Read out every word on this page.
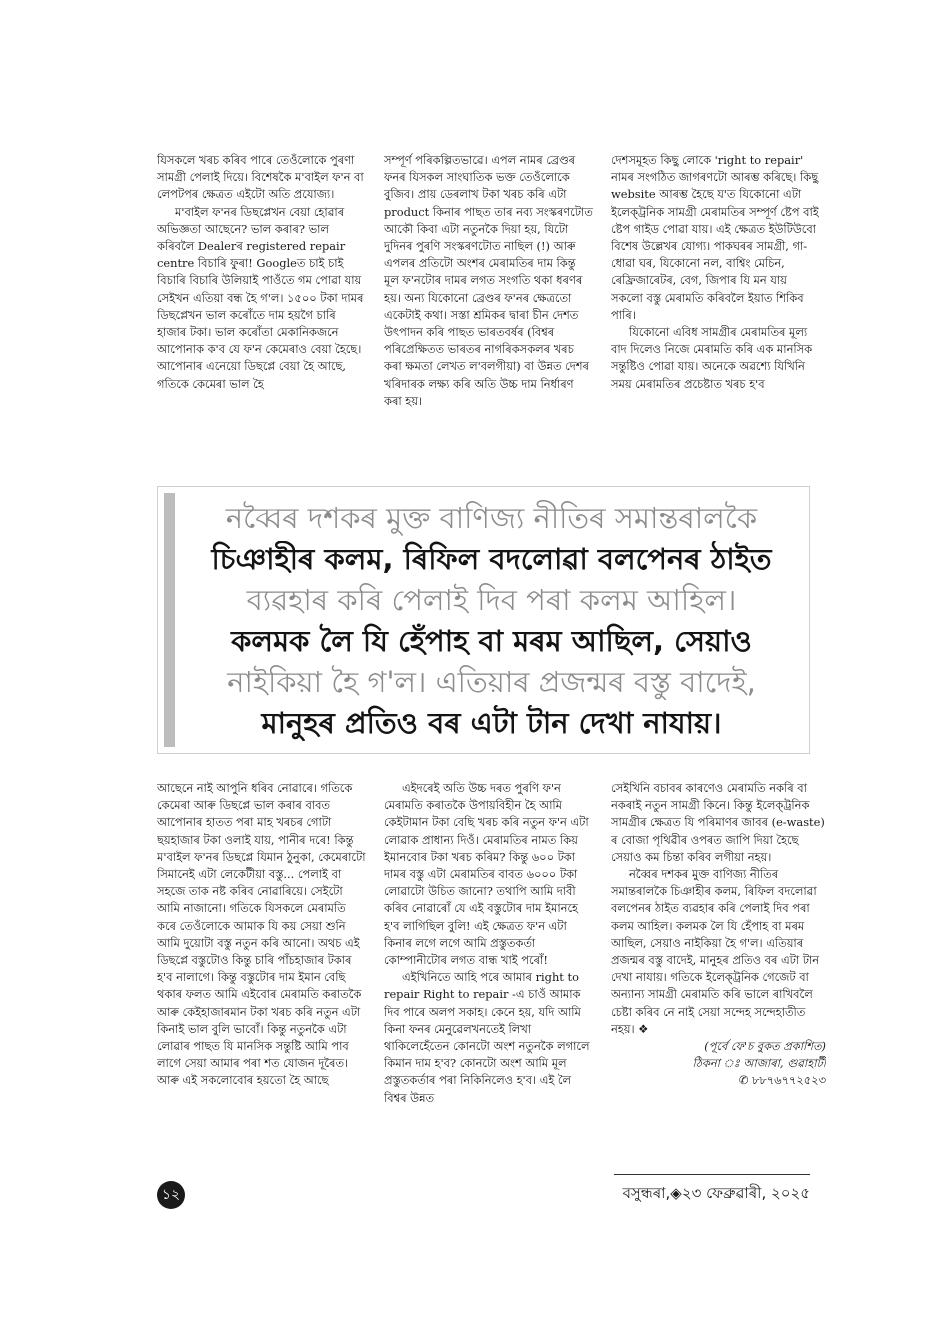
যিসকলে খৰচ কৰিব পাৰে তেওঁলোকে পুৰণা সামগ্ৰী পেলাই দিয়ে। বিশেষকৈ ম'বাইল ফ'ন বা লেপটপৰ ক্ষেত্ৰত এইটো অতি প্ৰযোজ্য।

ম'বাইল ফ'নৰ ডিছপ্লেখন বেয়া হোৱাৰ অভিজ্ঞতা আছেনে? ভাল কৰাৰ? ভাল কৰিবলৈ Dealerৰ registered repair centre বিচাৰি ফুৰা! Googleত চাই চাই বিচাৰি বিচাৰি উলিয়াই পাওঁতে গম পোৱা যায় সেইখন এতিয়া বন্ধ হৈ গ'ল। ১৫০০ টকা দামৰ ডিছপ্লেখন ভাল কৰোঁতে দাম হয়গৈ চাৰি হাজাৰ টকা। ভাল কৰোঁতা মেকানিকজনে আপোনাক ক'ব যে ফ'ন কেমেৰাও বেয়া হৈছে। আপোনাৰ এনেয়ো ডিছপ্লে বেয়া হৈ আছে, গতিকে কেমেৰা ভাল হৈ

সম্পূৰ্ণ পৰিকল্পিতভাৱে। এপল নামৰ ব্ৰেণ্ডৰ ফনৰ যিসকল সাংঘাতিক ভক্ত তেওঁলোকে বুজিব। প্ৰায় ডেৰলাখ টকা খৰচ কৰি এটা product কিনাৰ পাছত তাৰ নব্য সংস্কৰণটোত আকৌ কিবা এটা নতুনকৈ দিয়া হয়, যিটো দুদিনৰ পুৰণি সংস্কৰণটোত নাছিল (!) আৰু এপলৰ প্ৰতিটো অংশৰ মেৰামতিৰ দাম কিন্তু মূল ফ'নটোৰ দামৰ লগত সংগতি থকা ধৰণৰ হয়। অন্য যিকোনো ব্ৰেণ্ডৰ ফ'নৰ ক্ষেত্ৰতো একেটাই কথা। সস্তা শ্ৰমিকৰ দ্বাৰা চীন দেশত উৎপাদন কৰি পাছত ভাৰতবৰ্ষৰ (বিশ্বৰ পৰিপ্ৰেক্ষিতত ভাৰতৰ নাগৰিকসকলৰ খৰচ কৰা ক্ষমতা লেখত ল'বলগীয়া) বা উন্নত দেশৰ খৰিদাৰক লক্ষ্য কৰি অতি উচ্চ দাম নিৰ্ধাৰণ কৰা হয়।

দেশসমূহত কিছু লোকে 'right to repair' নামৰ সংগঠিত জাগৰণটো আৰম্ভ কৰিছে। কিছু website আৰম্ভ হৈছে য'ত যিকোনো এটা ইলেক্‌ট্ৰনিক সামগ্ৰী মেৰামতিৰ সম্পূৰ্ণ ষ্টেপ বাই ষ্টেপ গাইড পোৱা যায়। এই ক্ষেত্ৰত ইউটিউবো বিশেষ উল্লেখৰ যোগ্য। পাকঘৰৰ সামগ্ৰী, গা-ধোৱা ঘৰ, যিকোনো নল, বাশ্বিং মেচিন, ৰেফ্ৰিজাৰেটৰ, বেগ, জিপাৰ যি মন যায় সকলো বস্তু মেৰামতি কৰিবলৈ ইয়াত শিকিব পাৰি।

যিকোনো এবিধ সামগ্ৰীৰ মেৰামতিৰ মূল্য বাদ দিলেও নিজে মেৰামতি কৰি এক মানসিক সন্তুষ্টিও পোৱা যায়। অনেকে অৱশ্যে যিখিনি সময় মেৰামতিৰ প্ৰচেষ্টাত খৰচ হ'ব

নব্বৈৰ দশকৰ মুক্ত বাণিজ্য নীতিৰ সমান্তৰালকৈ
চিঞাহীৰ কলম, ৰিফিল বদলোৱা বলপেনৰ ঠাইত
ব্যৱহাৰ কৰি পেলাই দিব পৰা কলম আহিল।
কলমক লৈ যি হেঁপাহ বা মৰম আছিল, সেয়াও
নাইকিয়া হৈ গ'ল। এতিয়াৰ প্ৰজন্মৰ বস্তু বাদেই,
মানুহৰ প্ৰতিও বৰ এটা টান দেখা নাযায়।

আছেনে নাই আপুনি ধৰিব নোৱাৰে। গতিকে কেমেৰা আৰু ডিছপ্লে ভাল কৰাৰ বাবত আপোনাৰ হাতত পৰা মাহ খৰচৰ গোটা ছয়হাজাৰ টকা ওলাই যায়, পানীৰ দৰে! কিন্তু ম'বাইল ফ'নৰ ডিছপ্লে যিমান ঠুনুকা, কেমেৰাটো সিমানেই এটা লেকেটীয়া বস্তু... পেলাই বা সহজে তাক নষ্ট কৰিব নোৱাৰিয়ে। সেইটো আমি নাজানো। গতিকে যিসকলে মেৰামতি কৰে তেওঁলোকে আমাক যি কয় সেয়া শুনি আমি দুয়োটা বস্তু নতুন কৰি আনো। অথচ এই ডিছপ্লে বস্তুটোও কিন্তু চাৰি পাঁচহাজাৰ টকাৰ হ'ব নালাগে। কিন্তু বস্তুটোৰ দাম ইমান বেছি থকাৰ ফলত আমি এইবোৰ মেৰামতি কৰাতকৈ আৰু কেইহাজাৰমান টকা খৰচ কৰি নতুন এটা কিনাই ভাল বুলি ভাবোঁ। কিন্তু নতুনকৈ এটা লোৱাৰ পাছত যি মানসিক সন্তুষ্টি আমি পাব লাগে সেয়া আমাৰ পৰা শত যোজন দূৰৈত। আৰু এই সকলোবোৰ হয়তো হৈ আছে

এইদৰেই অতি উচ্চ দৰত পুৰণি ফ'ন মেৰামতি কৰাতকৈ উপায়বিহীন হৈ আমি কেইটামান টকা বেছি খৰচ কৰি নতুন ফ'ন এটা লোৱাক প্ৰাধান্য দিওঁ। মেৰামতিৰ নামত কিয় ইমানবোৰ টকা খৰচ কৰিম? কিন্তু ৬০০ টকা দামৰ বস্তু এটা মেৰামতিৰ বাবত ৬০০০ টকা লোৱাটো উচিত জানো? তথাপি আমি দাবী কৰিব নোৱাৰোঁ যে এই বস্তুটোৰ দাম ইমানহে হ'ব লাগিছিল বুলি! এই ক্ষেত্ৰত ফ'ন এটা কিনাৰ লগে লগে আমি প্ৰস্তুতকৰ্তা কোম্পানীটোৰ লগত বান্ধ খাই পৰোঁ!

এইখিনিতে আহি পৰে আমাৰ right to repair Right to repair -এ চাওঁ আমাক দিব পাৰে অলপ সকাহ। কেনে হয়, যদি আমি কিনা ফনৰ মেনুৱেলখনতেই লিখা থাকিলেহেঁতেন কোনটো অংশ নতুনকৈ লগালে কিমান দাম হ'ব? কোনটো অংশ আমি মূল প্ৰস্তুতকৰ্তাৰ পৰা নিকিনিলেও হ'ব। এই লৈ বিশ্বৰ উন্নত

সেইখিনি বচাবৰ কাৰণেও মেৰামতি নকৰি বা নকৰাই নতুন সামগ্ৰী কিনে। কিন্তু ইলেক্‌ট্ৰনিক সামগ্ৰীৰ ক্ষেত্ৰত যি পৰিমাণৰ জাবৰ (e-waste) ৰ বোজা পৃথিৱীৰ ওপৰত জাপি দিয়া হৈছে সেয়াও কম চিন্তা কৰিব লগীয়া নহয়।

নব্বৈৰ দশকৰ মুক্ত বাণিজ্য নীতিৰ সমান্তৰালকৈ চিঞাহীৰ কলম, ৰিফিল বদলোৱা বলপেনৰ ঠাইত ব্যৱহাৰ কৰি পেলাই দিব পৰা কলম আহিল। কলমক লৈ যি হেঁপাহ বা মৰম আছিল, সেয়াও নাইকিয়া হৈ গ'ল। এতিয়াৰ প্ৰজন্মৰ বস্তু বাদেই, মানুহৰ প্ৰতিও বৰ এটা টান দেখা নাযায়। গতিকে ইলেক্‌ট্ৰনিক গেজেট বা অন্যান্য সামগ্ৰী মেৰামতি কৰি ভালে ৰাখিবলৈ চেষ্টা কৰিব নে নাই সেয়া সন্দেহ সন্দেহাতীত নহয়। ❖

(পূৰ্বে ফে'চ বুকত প্ৰকাশিত)

ঠিকনা ঃ আজাৰা, গুৱাহাটী

✆ ৮৮৭৬৭৭২৫২৩

১২	বসুন্ধৰা,◈২৩ ফেব্ৰুৱাৰী, ২০২৫
